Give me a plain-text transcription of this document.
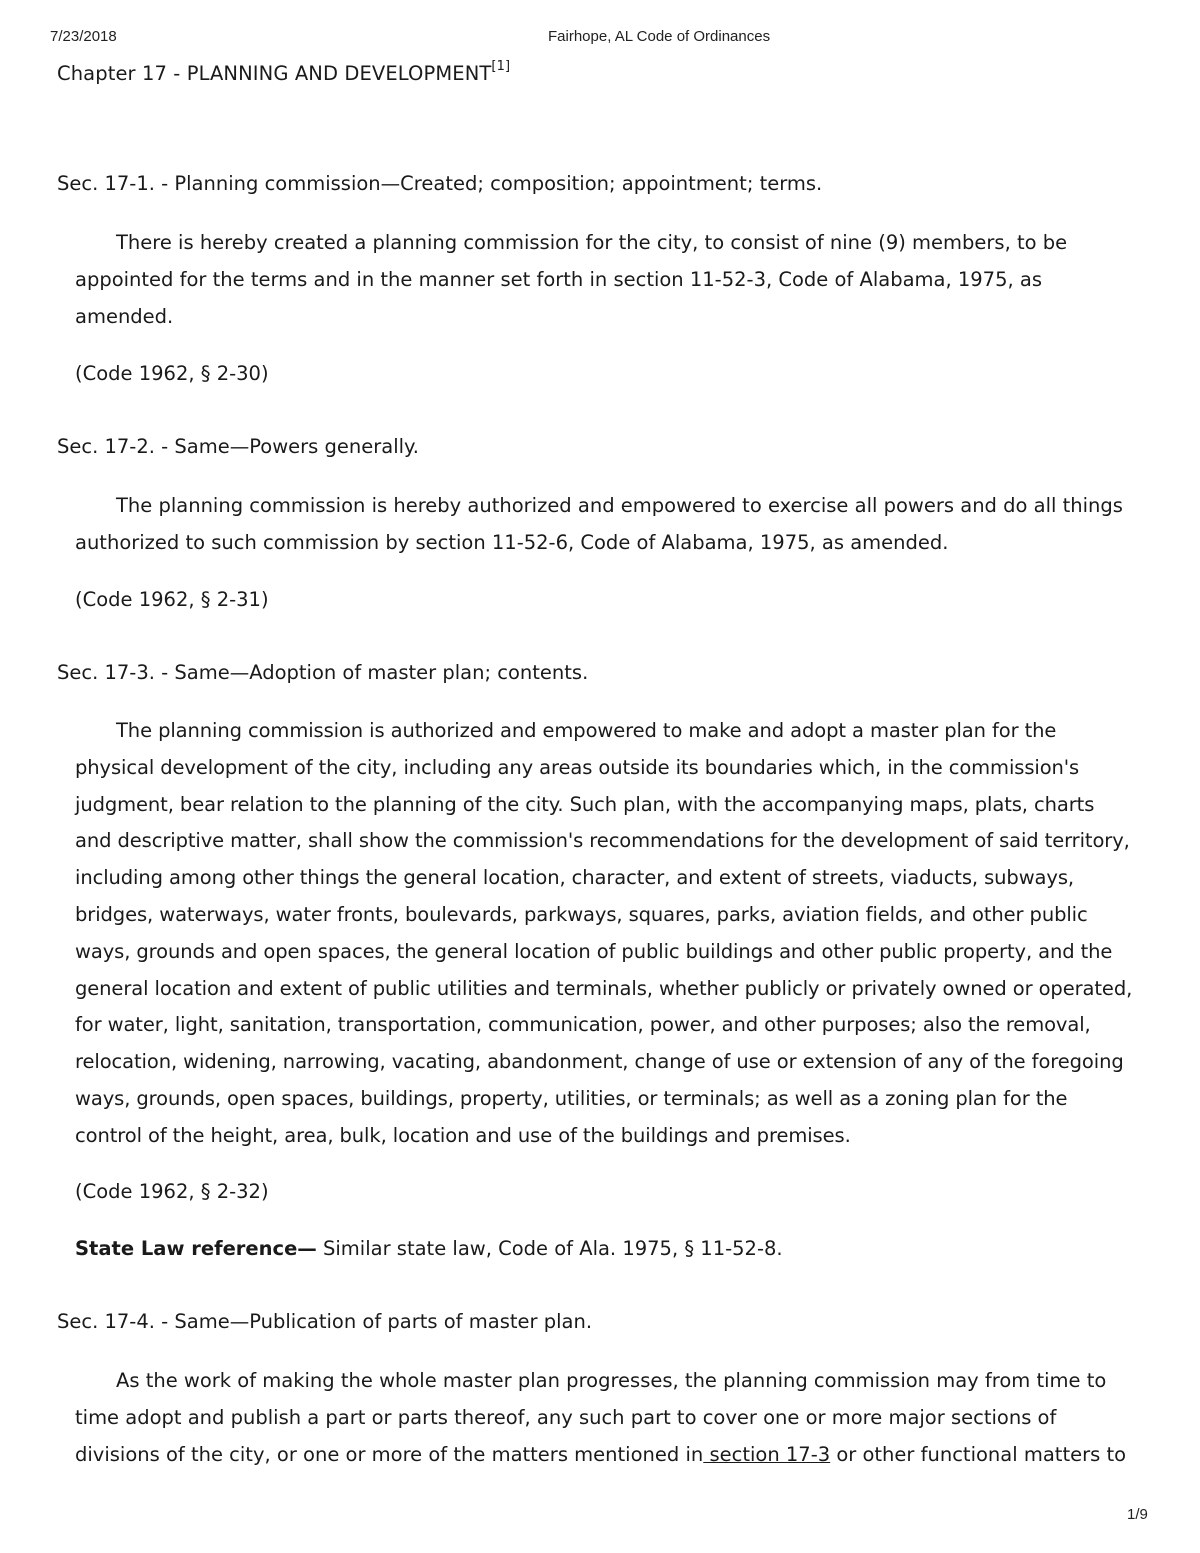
7/23/2018	Fairhope, AL Code of Ordinances
Chapter 17 - PLANNING AND DEVELOPMENT[1]
Sec. 17-1. - Planning commission—Created; composition; appointment; terms.
There is hereby created a planning commission for the city, to consist of nine (9) members, to be appointed for the terms and in the manner set forth in section 11-52-3, Code of Alabama, 1975, as amended.
(Code 1962, § 2-30)
Sec. 17-2. - Same—Powers generally.
The planning commission is hereby authorized and empowered to exercise all powers and do all things authorized to such commission by section 11-52-6, Code of Alabama, 1975, as amended.
(Code 1962, § 2-31)
Sec. 17-3. - Same—Adoption of master plan; contents.
The planning commission is authorized and empowered to make and adopt a master plan for the physical development of the city, including any areas outside its boundaries which, in the commission's judgment, bear relation to the planning of the city. Such plan, with the accompanying maps, plats, charts and descriptive matter, shall show the commission's recommendations for the development of said territory, including among other things the general location, character, and extent of streets, viaducts, subways, bridges, waterways, water fronts, boulevards, parkways, squares, parks, aviation fields, and other public ways, grounds and open spaces, the general location of public buildings and other public property, and the general location and extent of public utilities and terminals, whether publicly or privately owned or operated, for water, light, sanitation, transportation, communication, power, and other purposes; also the removal, relocation, widening, narrowing, vacating, abandonment, change of use or extension of any of the foregoing ways, grounds, open spaces, buildings, property, utilities, or terminals; as well as a zoning plan for the control of the height, area, bulk, location and use of the buildings and premises.
(Code 1962, § 2-32)
State Law reference— Similar state law, Code of Ala. 1975, § 11-52-8.
Sec. 17-4. - Same—Publication of parts of master plan.
As the work of making the whole master plan progresses, the planning commission may from time to time adopt and publish a part or parts thereof, any such part to cover one or more major sections of divisions of the city, or one or more of the matters mentioned in section 17-3 or other functional matters to
1/9
